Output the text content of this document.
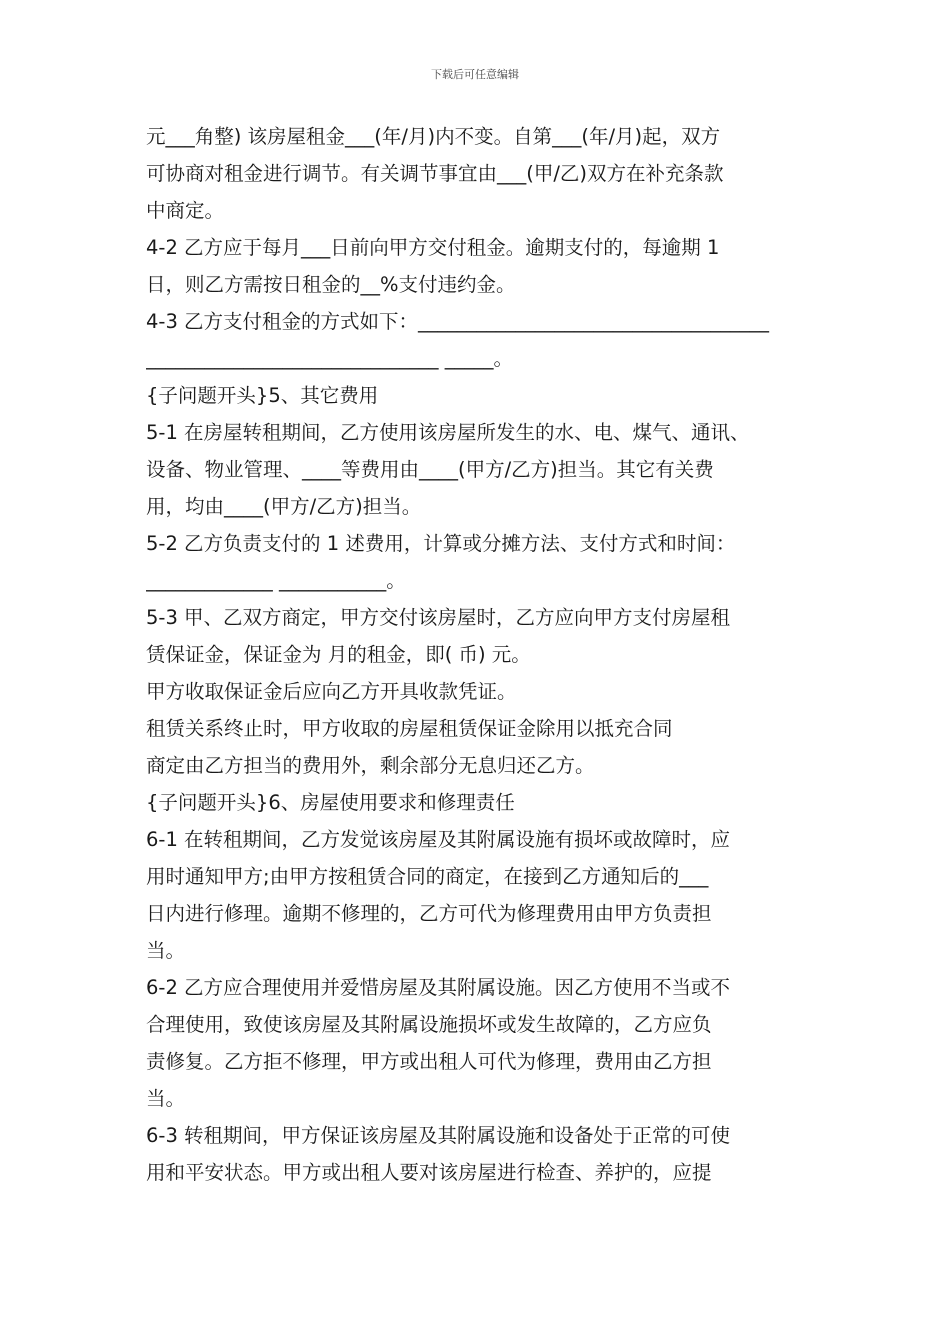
下载后可任意编辑
元___角整) 该房屋租金___(年/月)内不变。自第___(年/月)起，双方
可协商对租金进行调节。有关调节事宜由___(甲/乙)双方在补充条款
中商定。
4-2 乙方应于每月___日前向甲方交付租金。逾期支付的，每逾期 1
日，则乙方需按日租金的__%支付违约金。
4-3 乙方支付租金的方式如下：____________________________________
______________________________ _____。
{子问题开头}5、其它费用
5-1 在房屋转租期间，乙方使用该房屋所发生的水、电、煤气、通讯、
设备、物业管理、____等费用由____(甲方/乙方)担当。其它有关费
用，均由____(甲方/乙方)担当。
5-2 乙方负责支付的 1 述费用，计算或分摊方法、支付方式和时间：
_____________ ___________。
5-3 甲、乙双方商定，甲方交付该房屋时，乙方应向甲方支付房屋租
赁保证金，保证金为 月的租金，即( 币) 元。
甲方收取保证金后应向乙方开具收款凭证。
租赁关系终止时，甲方收取的房屋租赁保证金除用以抵充合同
商定由乙方担当的费用外，剩余部分无息归还乙方。
{子问题开头}6、房屋使用要求和修理责任
6-1 在转租期间，乙方发觉该房屋及其附属设施有损坏或故障时，应
用时通知甲方;由甲方按租赁合同的商定，在接到乙方通知后的___
日内进行修理。逾期不修理的，乙方可代为修理费用由甲方负责担
当。
6-2 乙方应合理使用并爱惜房屋及其附属设施。因乙方使用不当或不
合理使用，致使该房屋及其附属设施损坏或发生故障的，乙方应负
责修复。乙方拒不修理，甲方或出租人可代为修理，费用由乙方担
当。
6-3 转租期间，甲方保证该房屋及其附属设施和设备处于正常的可使
用和平安状态。甲方或出租人要对该房屋进行检查、养护的，应提
